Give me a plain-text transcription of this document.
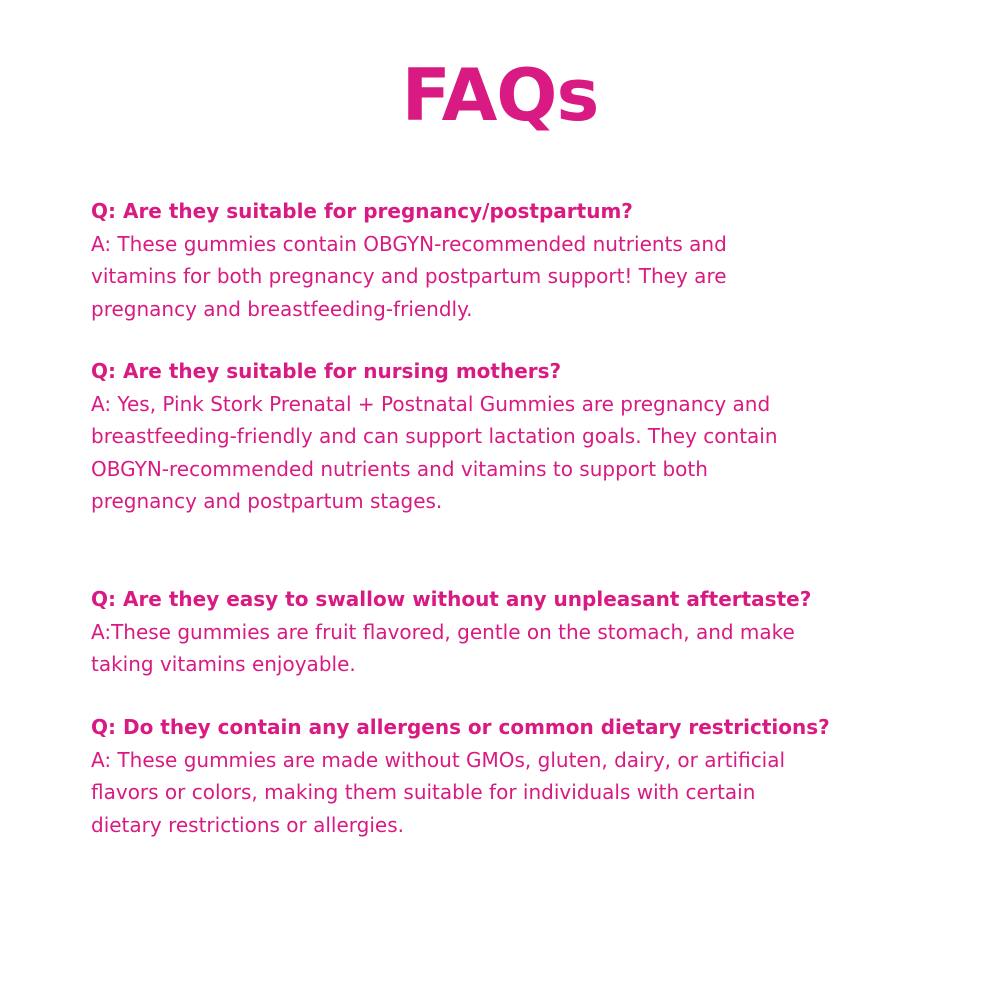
FAQs
Q: Are they suitable for pregnancy/postpartum?
A: These gummies contain OBGYN-recommended nutrients and
vitamins for both pregnancy and postpartum support! They are
pregnancy and breastfeeding-friendly.
Q: Are they suitable for nursing mothers?
A: Yes, Pink Stork Prenatal + Postnatal Gummies are pregnancy and
breastfeeding-friendly and can support lactation goals. They contain
OBGYN-recommended nutrients and vitamins to support both
pregnancy and postpartum stages.
Q: Are they easy to swallow without any unpleasant aftertaste?
A:These gummies are fruit flavored, gentle on the stomach, and make
taking vitamins enjoyable.
Q: Do they contain any allergens or common dietary restrictions?
A: These gummies are made without GMOs, gluten, dairy, or artificial
flavors or colors, making them suitable for individuals with certain
dietary restrictions or allergies.
